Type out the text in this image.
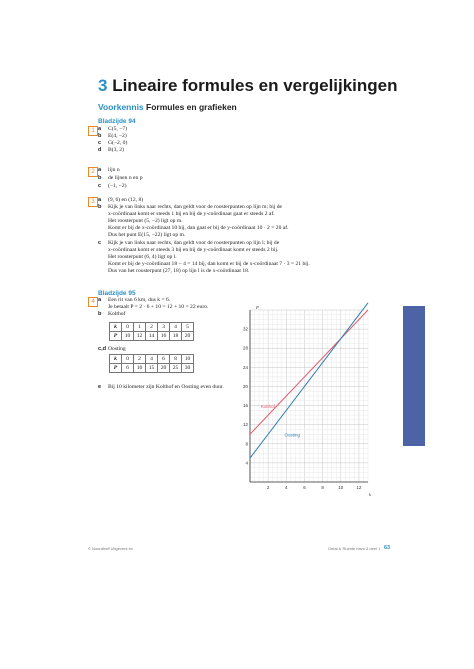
3 Lineaire formules en vergelijkingen
Voorkennis Formules en grafieken
Bladzijde 94
1 a C(5, −7)
b E(4, −2)
c G(−2, 0)
d B(3, 2)
2 a lijn n
b de lijnen n en p
c (−1, −2)
3 a (9, 6) en (12, 8)
b Kijk je van links naar rechts, dan geldt voor de roosterpunten op lijn m; bij de
x-coördinaat komt er steeds 1 bij en bij de y-coördinaat gaat er steeds 2 af.
Het roosterpunt (5, −2) ligt op m.
Komt er bij de x-coördinaat 10 bij, dan gaat er bij de y-coördinaat 10 · 2 = 20 af.
Dus het punt E(15, −22) ligt op m.
c Kijk je van links naar rechts, dan geldt voor de roosterpunten op lijn l; bij de
x-coördinaat komt er steeds 3 bij en bij de y-coördinaat komt er steeds 2 bij.
Het roosterpunt (6, 4) ligt op l.
Komt er bij de y-coördinaat 18 − 4 = 14 bij, dan komt er bij de x-coördinaat 7 · 3 = 21 bij.
Dus van het roosterpunt (27, 18) op lijn l is de x-coördinaat 18.
Bladzijde 95
4 a Een rit van 6 km, dus k = 6.
Je betaalt P = 2 · 6 + 10 = 12 + 10 = 22 euro.
b Kolthof
k	0	1	2	3	4	5
P	10	12	14	16	18	20
c,d Oosting
k	0	2	4	6	8	10
P	6	10	15	20	25	30
e Bij 10 kilometer zijn Kolthof en Oosting even duur.
2	4	6	8	10	12
4
8
12
16
20
24
28
32
P
k
Kolthof
Oosting
© Noordhoff Uitgevers bv	Getal & Ruimte havo 3 deel 1 63
